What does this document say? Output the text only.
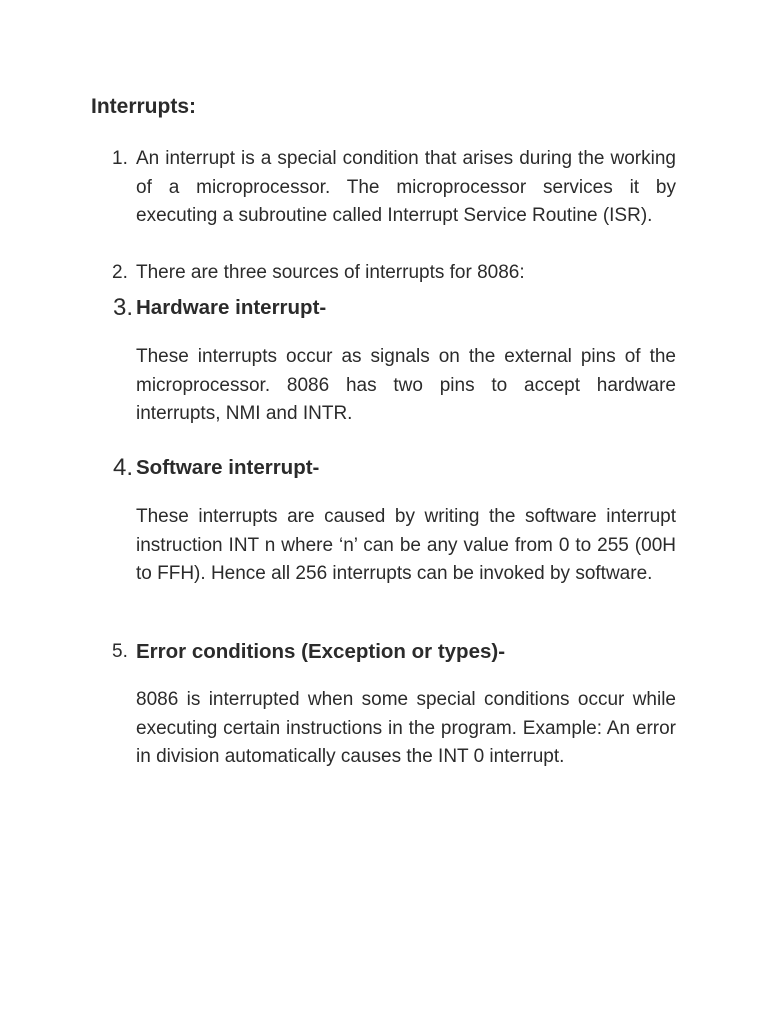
Interrupts:
1. An interrupt is a special condition that arises during the working of a microprocessor. The microprocessor services it by executing a subroutine called Interrupt Service Routine (ISR).

2. There are three sources of interrupts for 8086:

3. Hardware interrupt-

These interrupts occur as signals on the external pins of the microprocessor. 8086 has two pins to accept hardware interrupts, NMI and INTR.

4. Software interrupt-

These interrupts are caused by writing the software interrupt instruction INT n where ‘n’ can be any value from 0 to 255 (00H to FFH). Hence all 256 interrupts can be invoked by software.

5. Error conditions (Exception or types)-

8086 is interrupted when some special conditions occur while executing certain instructions in the program. Example: An error in division automatically causes the INT 0 interrupt.
